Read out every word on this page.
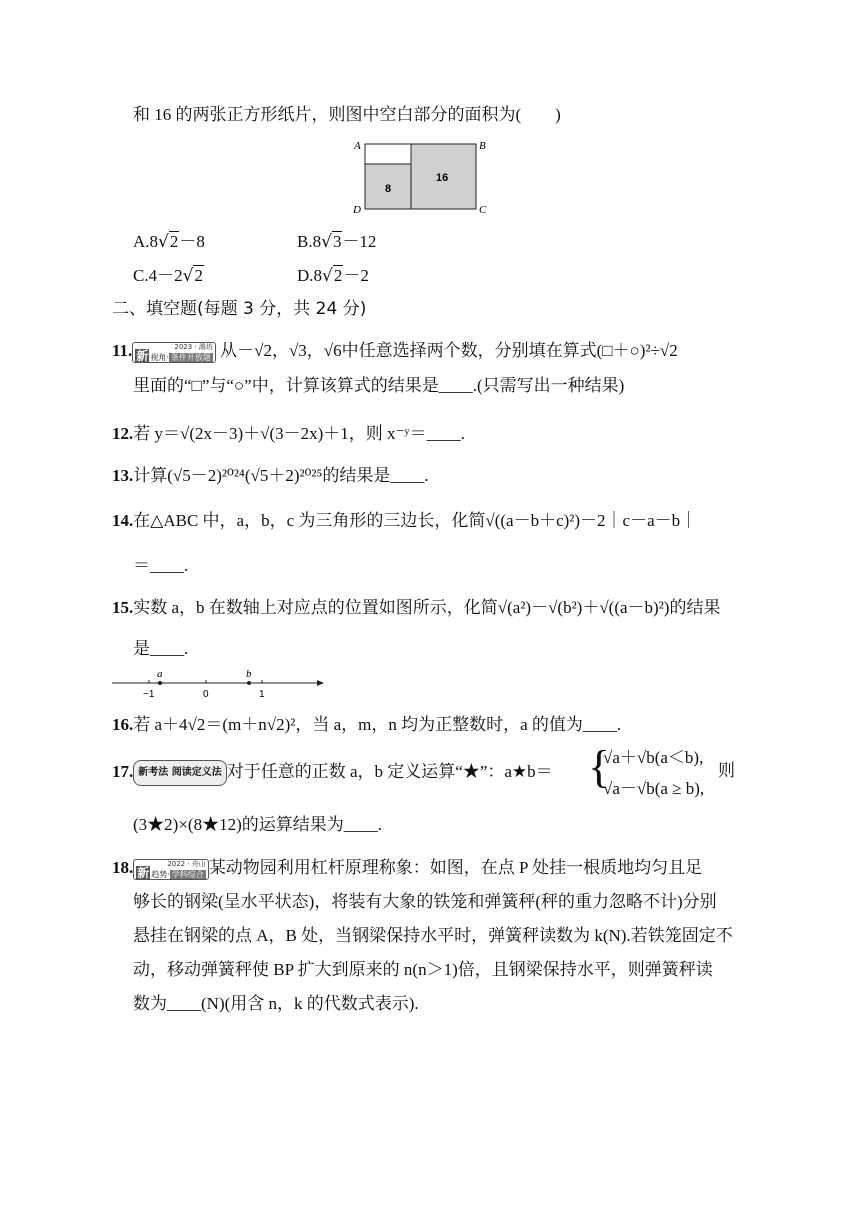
和 16 的两张正方形纸片，则图中空白部分的面积为(　　)
A	B
C
D
8
16
A.8√2－8	B.8√3－12
C.4－2√2	D.8√2－2
二、填空题(每题 3 分，共 24 分)
11.	2023 · 潍坊
新 视角· 条件开放题 从－√2，√3，√6中任意选择两个数，分别填在算式(□＋○)²÷√2
里面的“□”与“○”中，计算该算式的结果是____.(只需写出一种结果)
12.若 y＝√(2x－3)＋√(3－2x)＋1，则 x⁻ʸ＝____.
13.计算(√5－2)²⁰²⁴(√5＋2)²⁰²⁵的结果是____.
14.在△ABC 中，a，b，c 为三角形的三边长，化简√((a－b＋c)²)－2｜c－a－b｜
＝____.
15.实数 a，b 在数轴上对应点的位置如图所示，化简√(a²)－√(b²)＋√((a－b)²)的结果
是____.
a	b
−1	0	1
16.若 a＋4√2＝(m＋n√2)²，当 a，m，n 均为正整数时，a 的值为____.
17. 新考法 阅读定义法 对于任意的正数 a，b 定义运算“★”：a★b＝ {
√a＋√b(a＜b),
√a－√b(a ≥ b),
则
(3★2)×(8★12)的运算结果为____.
18.	2022 · 舟山
新 趋势· 学科综合 某动物园利用杠杆原理称象：如图，在点 P 处挂一根质地均匀且足
够长的钢梁(呈水平状态)，将装有大象的铁笼和弹簧秤(秤的重力忽略不计)分别
悬挂在钢梁的点 A，B 处，当钢梁保持水平时，弹簧秤读数为 k(N).若铁笼固定不
动，移动弹簧秤使 BP 扩大到原来的 n(n＞1)倍，且钢梁保持水平，则弹簧秤读
数为____(N)(用含 n，k 的代数式表示).
